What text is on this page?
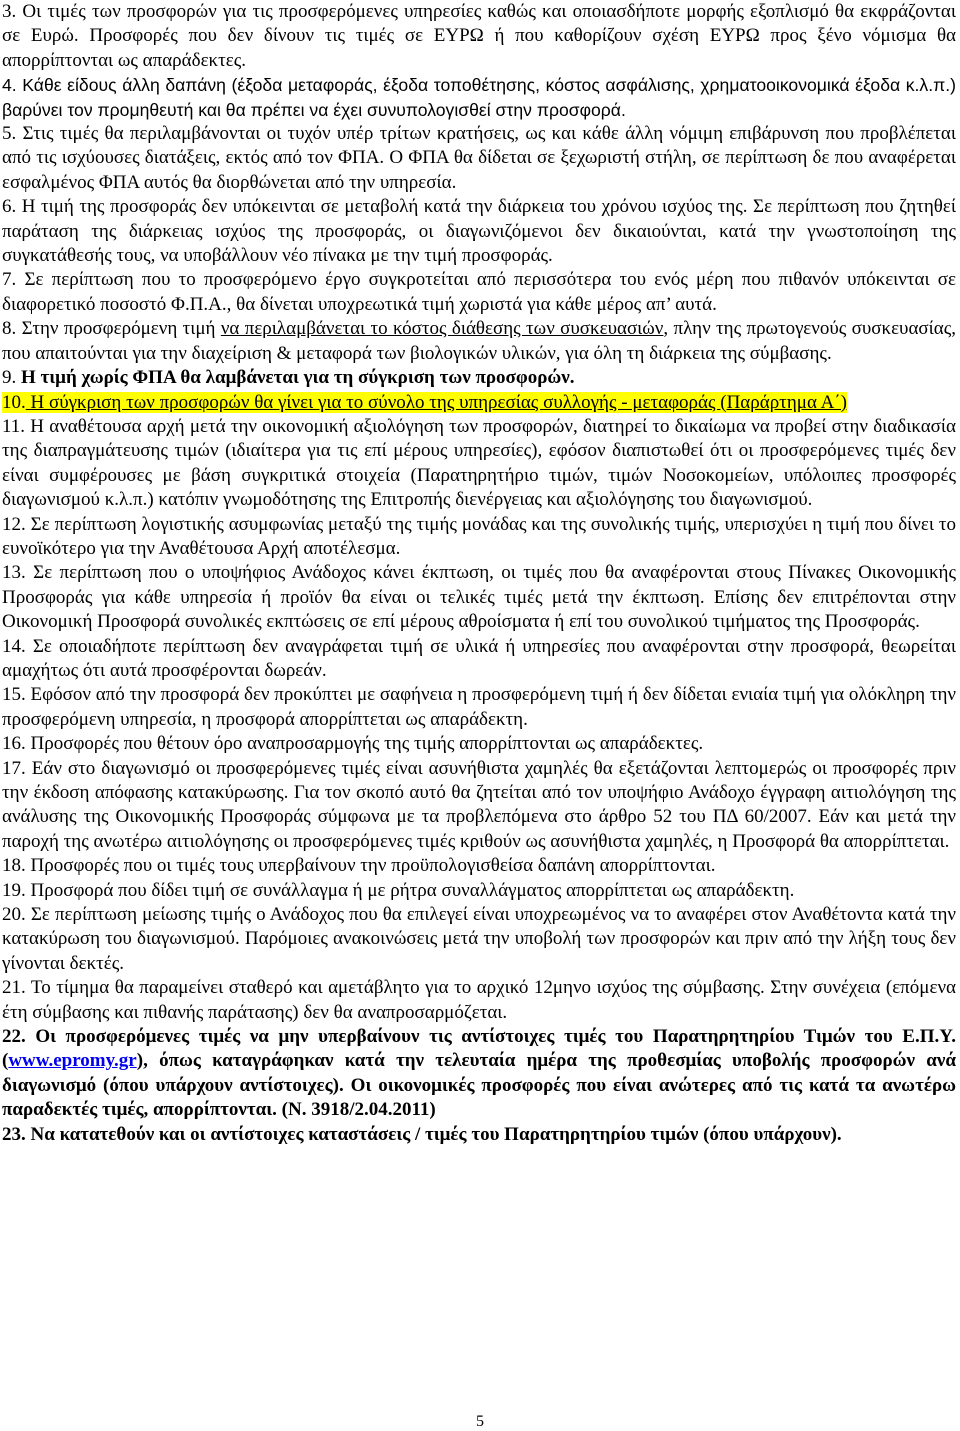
3. Οι τιμές των προσφορών για τις προσφερόμενες υπηρεσίες καθώς και οποιασδήποτε μορφής εξοπλισμό θα εκφράζονται σε Ευρώ. Προσφορές που δεν δίνουν τις τιμές σε ΕΥΡΩ ή που καθορίζουν σχέση ΕΥΡΩ προς ξένο νόμισμα θα απορρίπτονται ως απαράδεκτες.

4. Κάθε είδους άλλη δαπάνη (έξοδα μεταφοράς, έξοδα τοποθέτησης, κόστος ασφάλισης, χρηματοοικονομικά έξοδα κ.λ.π.) βαρύνει τον προμηθευτή και θα πρέπει να έχει συνυπολογισθεί στην προσφορά.

5. Στις τιμές θα περιλαμβάνονται οι τυχόν υπέρ τρίτων κρατήσεις, ως και κάθε άλλη νόμιμη επιβάρυνση που προβλέπεται από τις ισχύουσες διατάξεις, εκτός από τον ΦΠΑ. Ο ΦΠΑ θα δίδεται σε ξεχωριστή στήλη, σε περίπτωση δε που αναφέρεται εσφαλμένος ΦΠΑ αυτός θα διορθώνεται από την υπηρεσία.

6. Η τιμή της προσφοράς δεν υπόκεινται σε μεταβολή κατά την διάρκεια του χρόνου ισχύος της. Σε περίπτωση που ζητηθεί παράταση της διάρκειας ισχύος της προσφοράς, οι διαγωνιζόμενοι δεν δικαιούνται, κατά την γνωστοποίηση της συγκατάθεσής τους, να υποβάλλουν νέο πίνακα με την τιμή προσφοράς.

7. Σε περίπτωση που το προσφερόμενο έργο συγκροτείται από περισσότερα του ενός μέρη που πιθανόν υπόκεινται σε διαφορετικό ποσοστό Φ.Π.Α., θα δίνεται υποχρεωτικά τιμή χωριστά για κάθε μέρος απ’ αυτά.

8. Στην προσφερόμενη τιμή να περιλαμβάνεται το κόστος διάθεσης των συσκευασιών, πλην της πρωτογενούς συσκευασίας, που απαιτούνται για την διαχείριση & μεταφορά των βιολογικών υλικών, για όλη τη διάρκεια της σύμβασης.

9. Η τιμή χωρίς ΦΠΑ θα λαμβάνεται για τη σύγκριση των προσφορών.

10. Η σύγκριση των προσφορών θα γίνει για το σύνολο της υπηρεσίας συλλογής - μεταφοράς (Παράρτημα Α΄)

11. Η αναθέτουσα αρχή μετά την οικονομική αξιολόγηση των προσφορών, διατηρεί το δικαίωμα να προβεί στην διαδικασία της διαπραγμάτευσης τιμών (ιδιαίτερα για τις επί μέρους υπηρεσίες), εφόσον διαπιστωθεί ότι οι προσφερόμενες τιμές δεν είναι συμφέρουσες με βάση συγκριτικά στοιχεία (Παρατηρητήριο τιμών, τιμών Νοσοκομείων, υπόλοιπες προσφορές διαγωνισμού κ.λ.π.) κατόπιν γνωμοδότησης της Επιτροπής διενέργειας και αξιολόγησης του διαγωνισμού.

12. Σε περίπτωση λογιστικής ασυμφωνίας μεταξύ της τιμής μονάδας και της συνολικής τιμής, υπερισχύει η τιμή που δίνει το ευνοϊκότερο για την Αναθέτουσα Αρχή αποτέλεσμα.

13. Σε περίπτωση που ο υποψήφιος Ανάδοχος κάνει έκπτωση, οι τιμές που θα αναφέρονται στους Πίνακες Οικονομικής Προσφοράς για κάθε υπηρεσία ή προϊόν θα είναι οι τελικές τιμές μετά την έκπτωση. Επίσης δεν επιτρέπονται στην Οικονομική Προσφορά συνολικές εκπτώσεις σε επί μέρους αθροίσματα ή επί του συνολικού τιμήματος της Προσφοράς.

14. Σε οποιαδήποτε περίπτωση δεν αναγράφεται τιμή σε υλικά ή υπηρεσίες που αναφέρονται στην προσφορά, θεωρείται αμαχήτως ότι αυτά προσφέρονται δωρεάν.

15. Εφόσον από την προσφορά δεν προκύπτει με σαφήνεια η προσφερόμενη τιμή ή δεν δίδεται ενιαία τιμή για ολόκληρη την προσφερόμενη υπηρεσία, η προσφορά απορρίπτεται ως απαράδεκτη.

16. Προσφορές που θέτουν όρο αναπροσαρμογής της τιμής απορρίπτονται ως απαράδεκτες.

17. Εάν στο διαγωνισμό οι προσφερόμενες τιμές είναι ασυνήθιστα χαμηλές θα εξετάζονται λεπτομερώς οι προσφορές πριν την έκδοση απόφασης κατακύρωσης. Για τον σκοπό αυτό θα ζητείται από τον υποψήφιο Ανάδοχο έγγραφη αιτιολόγηση της ανάλυσης της Οικονομικής Προσφοράς σύμφωνα με τα προβλεπόμενα στο άρθρο 52 του ΠΔ 60/2007. Εάν και μετά την παροχή της ανωτέρω αιτιολόγησης οι προσφερόμενες τιμές κριθούν ως ασυνήθιστα χαμηλές, η Προσφορά θα απορρίπτεται.

18. Προσφορές που οι τιμές τους υπερβαίνουν την προϋπολογισθείσα δαπάνη απορρίπτονται.

19. Προσφορά που δίδει τιμή σε συνάλλαγμα ή με ρήτρα συναλλάγματος απορρίπτεται ως απαράδεκτη.

20. Σε περίπτωση μείωσης τιμής ο Ανάδοχος που θα επιλεγεί είναι υποχρεωμένος να το αναφέρει στον Αναθέτοντα κατά την κατακύρωση του διαγωνισμού. Παρόμοιες ανακοινώσεις μετά την υποβολή των προσφορών και πριν από την λήξη τους δεν γίνονται δεκτές.

21. Το τίμημα θα παραμείνει σταθερό και αμετάβλητο για το αρχικό 12μηνο ισχύος της σύμβασης. Στην συνέχεια (επόμενα έτη σύμβασης και πιθανής παράτασης) δεν θα αναπροσαρμόζεται.

22. Οι προσφερόμενες τιμές να μην υπερβαίνουν τις αντίστοιχες τιμές του Παρατηρητηρίου Τιμών του Ε.Π.Υ. (www.epromy.gr), όπως καταγράφηκαν κατά την τελευταία ημέρα της προθεσμίας υποβολής προσφορών ανά διαγωνισμό (όπου υπάρχουν αντίστοιχες). Οι οικονομικές προσφορές που είναι ανώτερες από τις κατά τα ανωτέρω παραδεκτές τιμές, απορρίπτονται. (Ν. 3918/2.04.2011)

23. Να κατατεθούν και οι αντίστοιχες καταστάσεις / τιμές του Παρατηρητηρίου τιμών (όπου υπάρχουν).

5
